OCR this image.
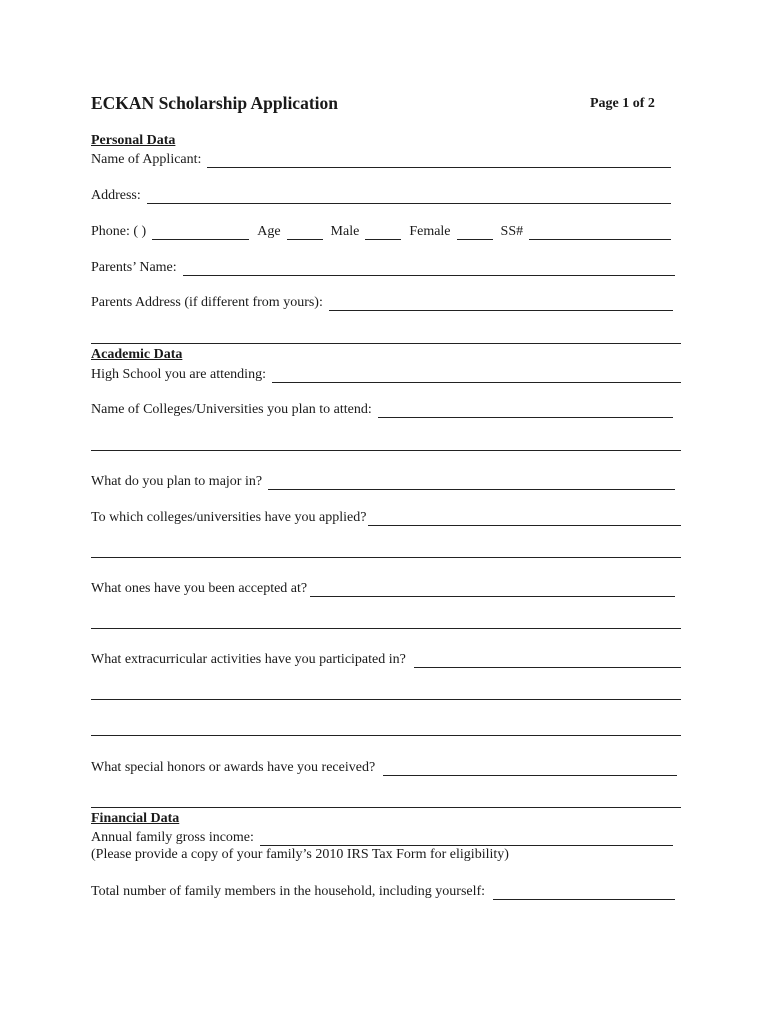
ECKAN Scholarship Application	Page 1 of 2
Personal Data
Name of Applicant:
Address:
Phone: ( )	Age	Male	Female	SS#
Parents’ Name:
Parents Address (if different from yours):
Academic Data
High School you are attending:
Name of Colleges/Universities you plan to attend:
What do you plan to major in?
To which colleges/universities have you applied?
What ones have you been accepted at?
What extracurricular activities have you participated in?
What special honors or awards have you received?
Financial Data
Annual family gross income:
(Please provide a copy of your family’s 2010 IRS Tax Form for eligibility)
Total number of family members in the household, including yourself:
